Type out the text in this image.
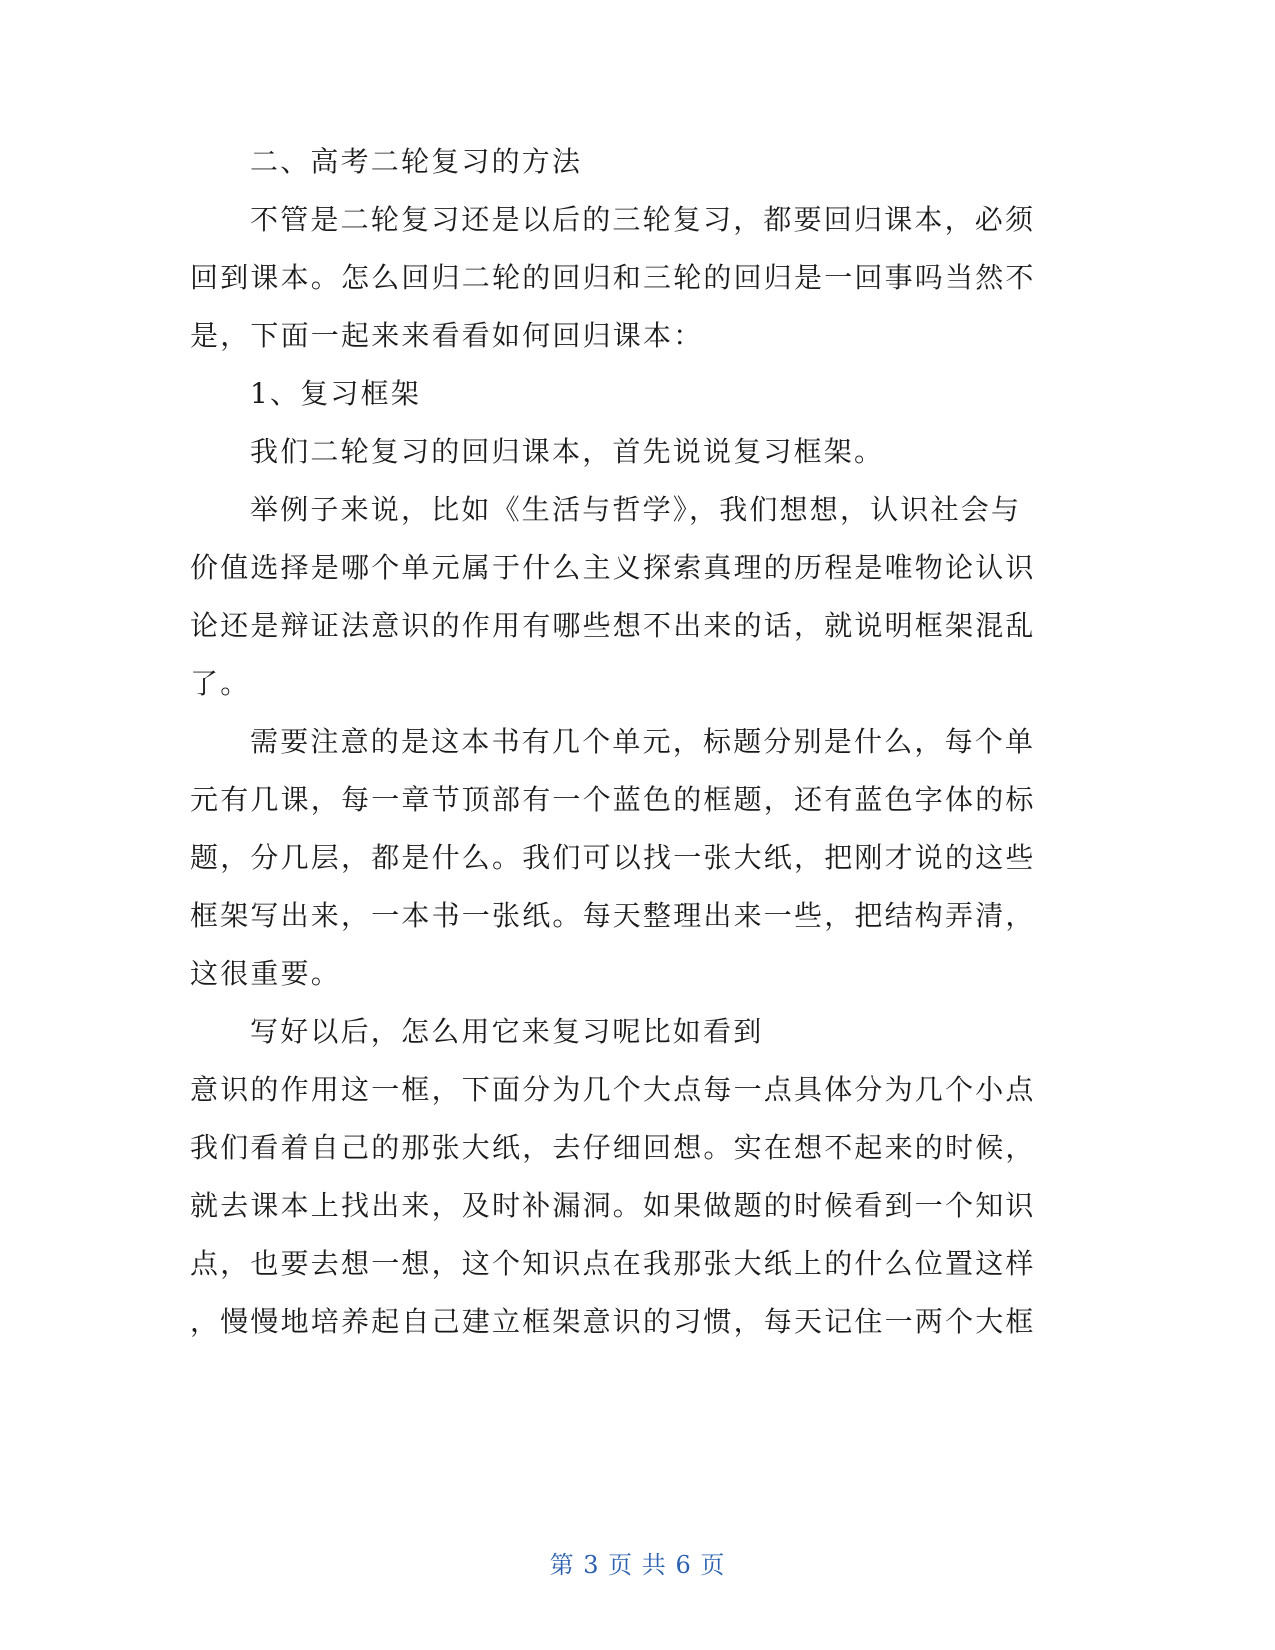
二、高考二轮复习的方法
不管是二轮复习还是以后的三轮复习，都要回归课本，必须
回到课本。怎么回归二轮的回归和三轮的回归是一回事吗当然不
是，下面一起来来看看如何回归课本：
1、复习框架
我们二轮复习的回归课本，首先说说复习框架。
举例子来说，比如《生活与哲学》，我们想想，认识社会与
价值选择是哪个单元属于什么主义探索真理的历程是唯物论认识
论还是辩证法意识的作用有哪些想不出来的话，就说明框架混乱
了。
需要注意的是这本书有几个单元，标题分别是什么，每个单
元有几课，每一章节顶部有一个蓝色的框题，还有蓝色字体的标
题，分几层，都是什么。我们可以找一张大纸，把刚才说的这些
框架写出来，一本书一张纸。每天整理出来一些，把结构弄清，
这很重要。
写好以后，怎么用它来复习呢比如看到
意识的作用这一框，下面分为几个大点每一点具体分为几个小点
我们看着自己的那张大纸，去仔细回想。实在想不起来的时候，
就去课本上找出来，及时补漏洞。如果做题的时候看到一个知识
点，也要去想一想，这个知识点在我那张大纸上的什么位置这样
，慢慢地培养起自己建立框架意识的习惯，每天记住一两个大框
第 3 页 共 6 页
